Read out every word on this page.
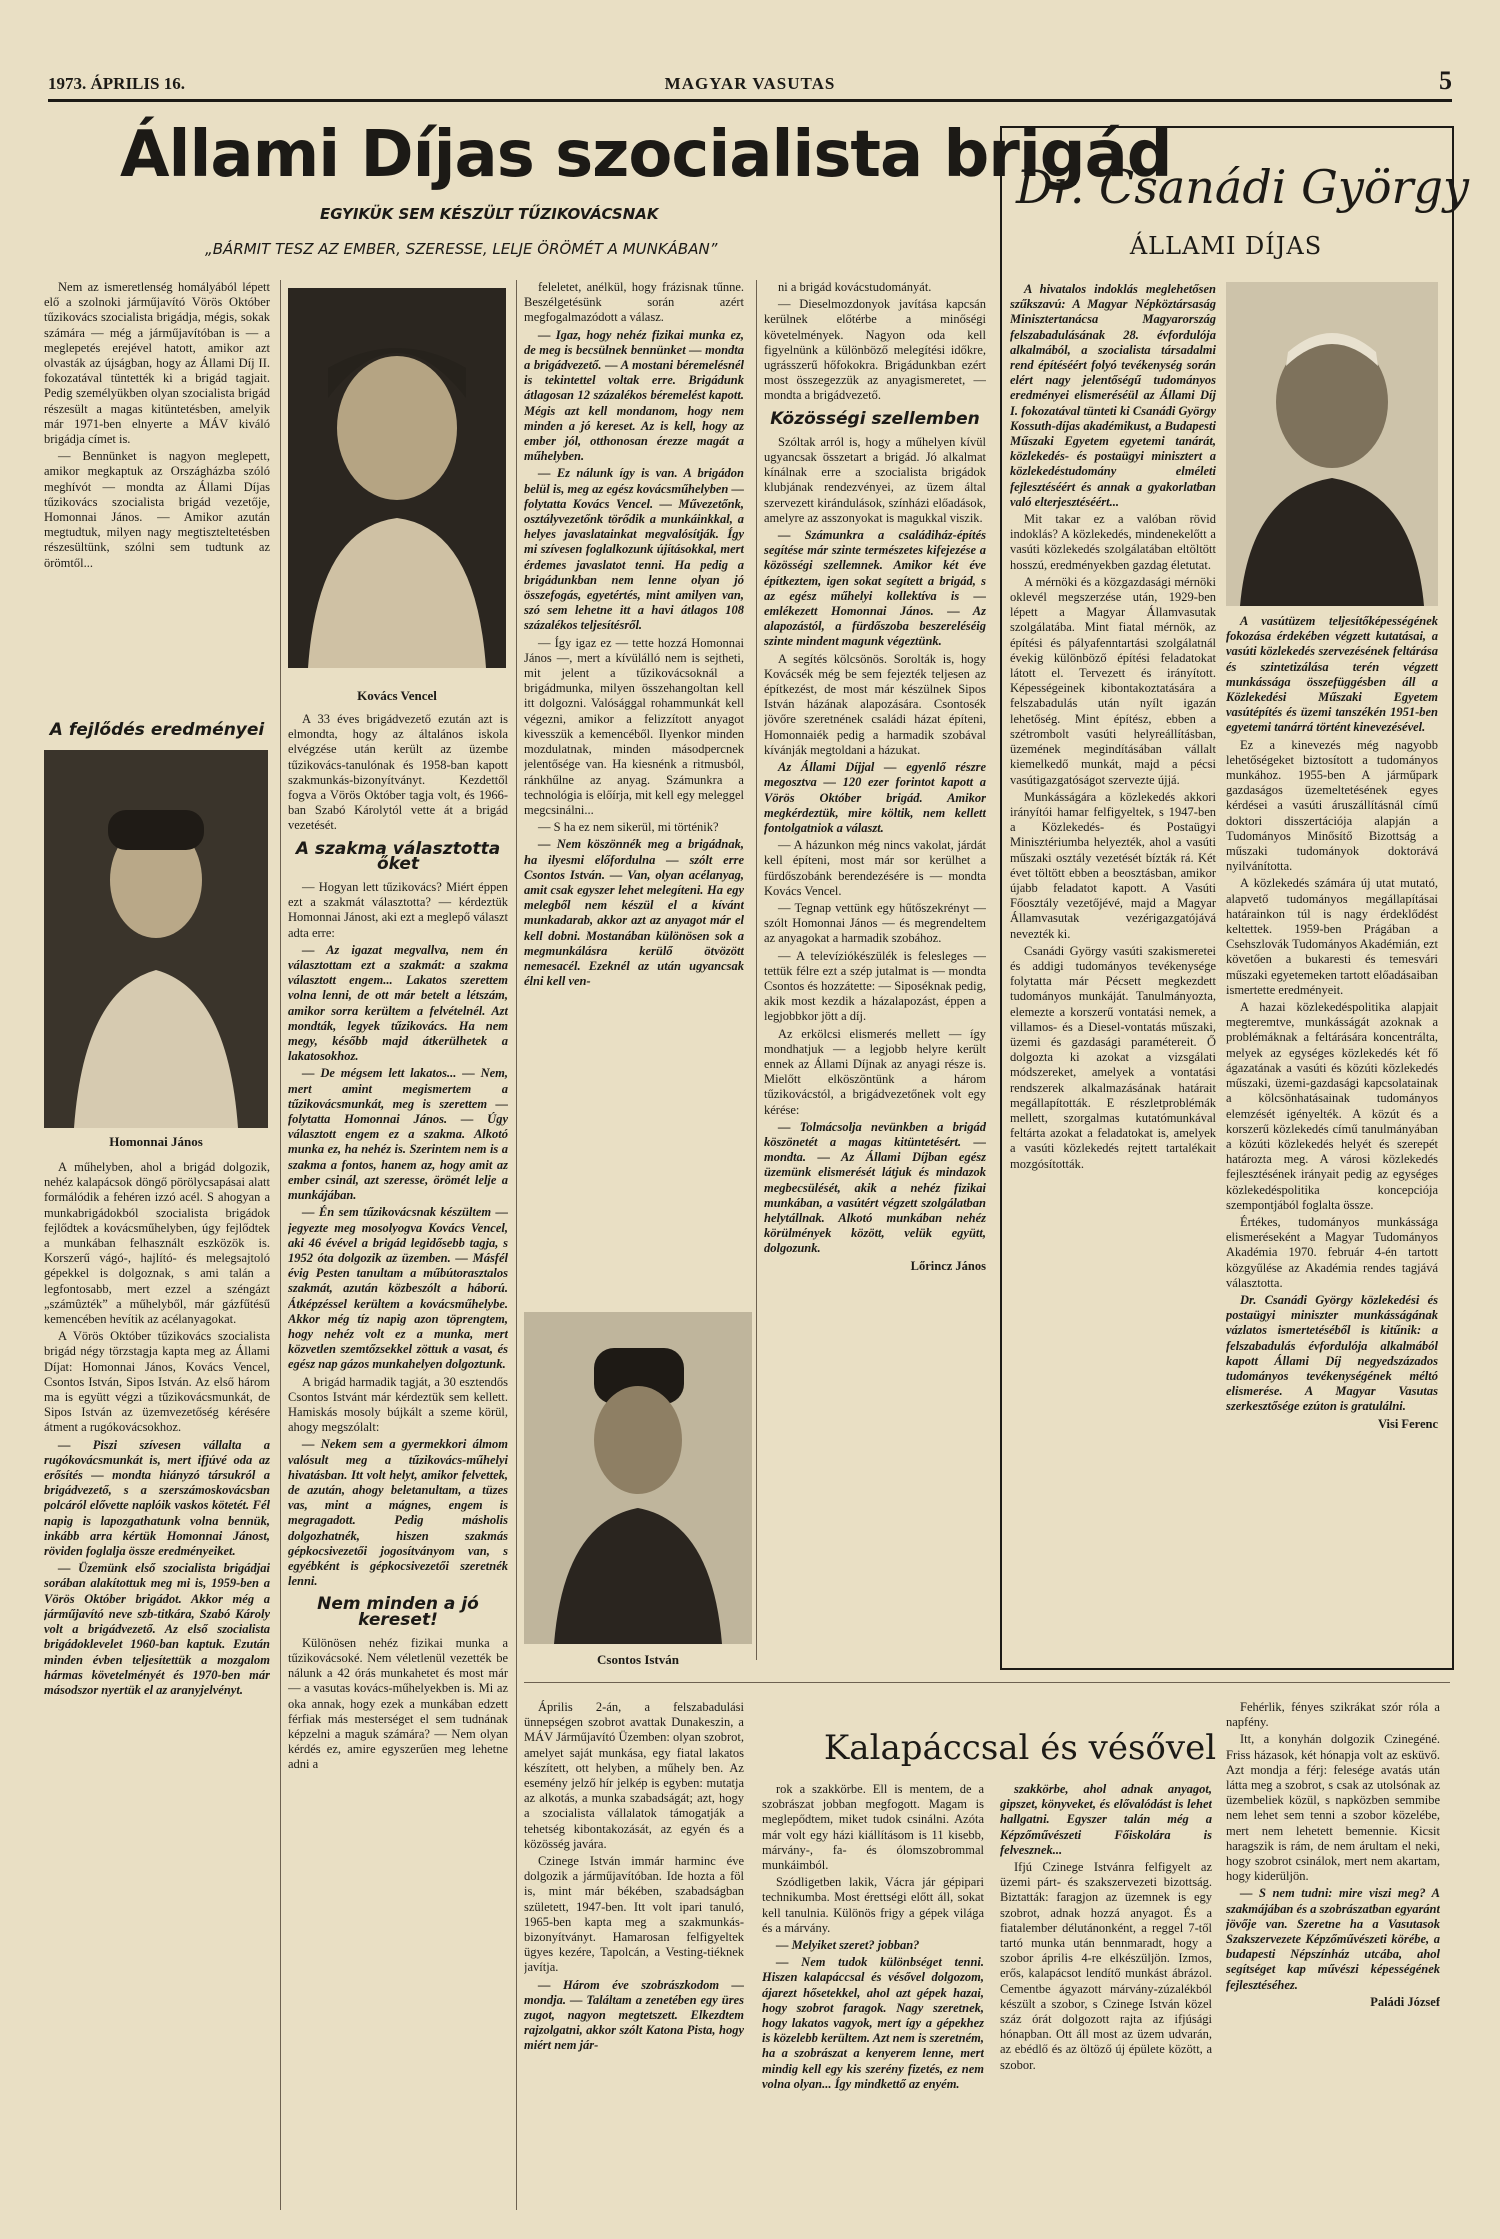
1973. ÁPRILIS 16.	MAGYAR VASUTAS	5
Állami Díjas szocialista brigád
EGYIKÜK SEM KÉSZÜLT TŰZIKOVÁCSNAK
„BÁRMIT TESZ AZ EMBER, SZERESSE, LELJE ÖRÖMÉT A MUNKÁBAN”

Nem az ismeretlenség homályából lépett elő a szolnoki járműjavító Vörös Október tűzikovács szocialista brigádja, mégis, sokak számára — még a járműjavítóban is — a meglepetés erejével hatott, amikor azt olvasták az újságban, hogy az Állami Díj II. fokozatával tüntették ki a brigád tagjait. Pedig személyükben olyan szocialista brigád részesült a magas kitüntetésben, amelyik már 1971-ben elnyerte a MÁV kiváló brigádja címet is.

— Bennünket is nagyon meglepett, amikor megkaptuk az Országházba szóló meghívót — mondta az Állami Díjas tűzikovács szocialista brigád vezetője, Homonnai János. — Amikor azután megtudtuk, milyen nagy megtiszteltetésben részesültünk, szólni sem tudtunk az örömtől...

A fejlődés eredményei
Homonnai János

A műhelyben, ahol a brigád dolgozik, nehéz kalapácsok döngő pörölycsapásai alatt formálódik a fehéren izzó acél. S ahogyan a munkabrigádokból szocialista brigádok fejlődtek a kovácsműhelyben, úgy fejlődtek a munkában felhasznált eszközök is. Korszerű vágó-, hajlító- és melegsajtoló gépekkel is dolgoznak, s ami talán a legfontosabb, mert ezzel a széngázt „számûzték” a műhelyből, már gázfűtésű kemencében hevítik az acélanyagokat.

A Vörös Október tűzikovács szocialista brigád négy törzstagja kapta meg az Állami Díjat: Homonnai János, Kovács Vencel, Csontos István, Sipos István. Az első három ma is együtt végzi a tűzikovácsmunkát, de Sipos István az üzemvezetőség kérésére átment a rugókovácsokhoz.

— Piszi szívesen vállalta a rugókovácsmunkát is, mert ifjúvé oda az erősítés — mondta hiányzó társukról a brigádvezető, s a szerszámoskovácsban polcáról elővette naplóik vaskos kötetét. Fél napig is lapozgathatunk volna bennük, inkább arra kértük Homonnai Jánost, röviden foglalja össze eredményeiket.

— Üzemünk első szocialista brigádjai sorában alakítottuk meg mi is, 1959-ben a Vörös Október brigádot. Akkor még a járműjavító neve szb-titkára, Szabó Károly volt a brigádvezető. Az első szocialista brigádoklevelet 1960-ban kaptuk. Ezután minden évben teljesítettük a mozgalom hármas követelményét és 1970-ben már másodszor nyertük el az aranyjelvényt.

Kovács Vencel

A 33 éves brigádvezető ezután azt is elmondta, hogy az általános iskola elvégzése után került az üzembe tűzikovács-tanulónak és 1958-ban kapott szakmunkás-bizonyítványt. Kezdettől fogva a Vörös Október tagja volt, és 1966-ban Szabó Károlytól vette át a brigád vezetését.

A szakma választotta őket

— Hogyan lett tűzikovács? Miért éppen ezt a szakmát választotta? — kérdeztük Homonnai Jánost, aki ezt a meglepő választ adta erre:

— Az igazat megvallva, nem én választottam ezt a szakmát: a szakma választott engem... Lakatos szerettem volna lenni, de ott már betelt a létszám, amikor sorra kerültem a felvételnél. Azt mondták, legyek tűzikovács. Ha nem megy, később majd átkerülhetek a lakatosokhoz.

— De mégsem lett lakatos... — Nem, mert amint megismertem a tűzikovácsmunkát, meg is szerettem — folytatta Homonnai János. — Úgy választott engem ez a szakma. Alkotó munka ez, ha nehéz is. Szerintem nem is a szakma a fontos, hanem az, hogy amit az ember csinál, azt szeresse, örömét lelje a munkájában.

— Én sem tűzikovácsnak készültem — jegyezte meg mosolyogva Kovács Vencel, aki 46 évével a brigád legidősebb tagja, s 1952 óta dolgozik az üzemben. — Másfél évig Pesten tanultam a műbútorasztalos szakmát, azután közbeszólt a háború. Átképzéssel kerültem a kovácsműhelybe. Akkor még tíz napig azon töprengtem, hogy nehéz volt ez a munka, mert közvetlen szemtőzsekkel zöttuk a vasat, és egész nap gázos munkahelyen dolgoztunk.

A brigád harmadik tagját, a 30 esztendős Csontos Istvánt már kérdeztük sem kellett. Hamiskás mosoly bújkált a szeme körül, ahogy megszólalt:

— Nekem sem a gyermekkori álmom valósult meg a tűzikovács-műhelyi hivatásban. Itt volt helyt, amikor felvettek, de azután, ahogy beletanultam, a tüzes vas, mint a mágnes, engem is megragadott. Pedig másholis dolgozhatnék, hiszen szakmás gépkocsivezetői jogosítványom van, s egyébként is gépkocsivezetői szeretnék lenni.

Nem minden a jó kereset!

Különösen nehéz fizikai munka a tűzikovácsoké. Nem véletlenül vezették be nálunk a 42 órás munkahetet és most már — a vasutas kovács-műhelyekben is. Mi az oka annak, hogy ezek a munkában edzett férfiak más mesterséget el sem tudnának képzelni a maguk számára? — Nem olyan kérdés ez, amire egyszerűen meg lehetne adni a

feleletet, anélkül, hogy frázisnak tűnne. Beszélgetésünk során azért megfogalmazódott a válasz.

— Igaz, hogy nehéz fizikai munka ez, de meg is becsülnek bennünket — mondta a brigádvezető. — A mostani béremelésnél is tekintettel voltak erre. Brigádunk átlagosan 12 százalékos béremelést kapott. Mégis azt kell mondanom, hogy nem minden a jó kereset. Az is kell, hogy az ember jól, otthonosan érezze magát a műhelyben.

— Ez nálunk így is van. A brigádon belül is, meg az egész kovácsműhelyben — folytatta Kovács Vencel. — Művezetőnk, osztályvezetőnk törődik a munkáinkkal, a helyes javaslatainkat megvalósítják. Így mi szívesen foglalkozunk újításokkal, mert érdemes javaslatot tenni. Ha pedig a brigádunkban nem lenne olyan jó összefogás, egyetértés, mint amilyen van, szó sem lehetne itt a havi átlagos 108 százalékos teljesítésről.

— Így igaz ez — tette hozzá Homonnai János —, mert a kívülálló nem is sejtheti, mit jelent a tűzikovácsoknál a brigádmunka, milyen összehangoltan kell itt dolgozni. Valósággal rohammunkát kell végezni, amikor a felizzított anyagot kivesszük a kemencéből. Ilyenkor minden mozdulatnak, minden másodpercnek jelentősége van. Ha kiesnénk a ritmusból, ránkhűlne az anyag. Számunkra a technológia is előírja, mit kell egy meleggel megcsinálni...

— S ha ez nem sikerül, mi történik?

— Nem köszönnék meg a brigádnak, ha ilyesmi előfordulna — szólt erre Csontos István. — Van, olyan acélanyag, amit csak egyszer lehet melegíteni. Ha egy melegből nem készül el a kívánt munkadarab, akkor azt az anyagot már el kell dobni. Mostanában különösen sok a megmunkálásra kerülő ötvözött nemesacél. Ezeknél az után ugyancsak élni kell ven-

Csontos István

ni a brigád kovácstudományát.

— Dieselmozdonyok javítása kapcsán kerülnek előtérbe a minőségi követelmények. Nagyon oda kell figyelnünk a különböző melegítési időkre, ugrásszerű hőfokokra. Brigádunkban ezért most összegezzük az anyagismeretet, — mondta a brigádvezető.

Közösségi szellemben

Szóltak arról is, hogy a műhelyen kívül ugyancsak összetart a brigád. Jó alkalmat kínálnak erre a szocialista brigádok klubjának rendezvényei, az üzem által szervezett kirándulások, színházi előadások, amelyre az asszonyokat is magukkal viszik.

— Számunkra a családiház-építés segítése már szinte természetes kifejezése a közösségi szellemnek. Amikor két éve építkeztem, igen sokat segített a brigád, s az egész műhelyi kollektíva is — emlékezett Homonnai János. — Az alapozástól, a fürdőszoba beszereléséig szinte mindent magunk végeztünk.

A segítés kölcsönös. Sorolták is, hogy Kovácsék még be sem fejezték teljesen az építkezést, de most már készülnek Sipos István házának alapozására. Csontosék jövőre szeretnének családi házat építeni, Homonnaiék pedig a harmadik szobával kívánják megtoldani a házukat.

Az Állami Díjjal — egyenlő részre megosztva — 120 ezer forintot kapott a Vörös Október brigád. Amikor megkérdeztük, mire költik, nem kellett fontolgatniok a választ.

— A házunkon még nincs vakolat, járdát kell építeni, most már sor kerülhet a fürdőszobánk berendezésére is — mondta Kovács Vencel.

— Tegnap vettünk egy hűtőszekrényt — szólt Homonnai János — és megrendeltem az anyagokat a harmadik szobához.

— A televíziókészülék is felesleges — tettük félre ezt a szép jutalmat is — mondta Csontos és hozzátette: — Siposéknak pedig, akik most kezdik a házalapozást, éppen a legjobbkor jött a díj.

Az erkölcsi elismerés mellett — így mondhatjuk — a legjobb helyre került ennek az Állami Díjnak az anyagi része is. Mielőtt elköszöntünk a három tűzikovácstól, a brigádvezetőnek volt egy kérése:

— Tolmácsolja nevünkben a brigád köszönetét a magas kitüntetésért. — mondta. — Az Állami Díjban egész üzemünk elismerését látjuk és mindazok megbecsülését, akik a nehéz fizikai munkában, a vasútért végzett szolgálatban helytállnak. Alkotó munkában nehéz körülmények között, velük együtt, dolgozunk.

Lőrincz János

Dr. Csanádi György
ÁLLAMI DÍJAS

A hivatalos indoklás meglehetősen szűkszavú: A Magyar Népköztársaság Minisztertanácsa Magyarország felszabadulásának 28. évfordulója alkalmából, a szocialista társadalmi rend építéséért folyó tevékenység során elért nagy jelentőségű tudományos eredményei elismeréséül az Állami Díj I. fokozatával tünteti ki Csanádi György Kossuth-díjas akadémikust, a Budapesti Műszaki Egyetem egyetemi tanárát, közlekedés- és postaügyi minisztert a közlekedéstudomány elméleti fejlesztéséért és annak a gyakorlatban való elterjesztéséért...

Mit takar ez a valóban rövid indoklás? A közlekedés, mindenekelőtt a vasúti közlekedés szolgálatában eltöltött hosszú, eredményekben gazdag életutat.

A mérnöki és a közgazdasági mérnöki oklevél megszerzése után, 1929-ben lépett a Magyar Államvasutak szolgálatába. Mint fiatal mérnök, az építési és pályafenntartási szolgálatnál évekig különböző építési feladatokat látott el. Tervezett és irányított. Képességeinek kibontakoztatására a felszabadulás után nyílt igazán lehetőség. Mint építész, ebben a szétrombolt vasúti helyreállításban, üzemének megindításában vállalt kiemelkedő munkát, majd a pécsi vasútigazgatóságot szervezte újjá.

Munkásságára a közlekedés akkori irányítói hamar felfigyeltek, s 1947-ben a Közlekedés- és Postaügyi Minisztériumba helyezték, ahol a vasúti műszaki osztály vezetését bízták rá. Két évet töltött ebben a beosztásban, amikor újabb feladatot kapott. A Vasúti Főosztály vezetőjévé, majd a Magyar Államvasutak vezérigazgatójává nevezték ki.

Csanádi György vasúti szakismeretei és addigi tudományos tevékenysége folytatta már Pécsett megkezdett tudományos munkáját. Tanulmányozta, elemezte a korszerű vontatási nemek, a villamos- és a Diesel-vontatás műszaki, üzemi és gazdasági paramétereit. Ő dolgozta ki azokat a vizsgálati módszereket, amelyek a vontatási rendszerek alkalmazásának határait megállapították. E részletproblémák mellett, szorgalmas kutatómunkával feltárta azokat a feladatokat is, amelyek a vasúti közlekedés rejtett tartalékait mozgósították.

A vasútüzem teljesítőképességének fokozása érdekében végzett kutatásai, a vasúti közlekedés szervezésének feltárása és szintetizálása terén végzett munkássága összefüggésben áll a Közlekedési Műszaki Egyetem vasútépítés és üzemi tanszékén 1951-ben egyetemi tanárrá történt kinevezésével.

Ez a kinevezés még nagyobb lehetőségeket biztosított a tudományos munkához. 1955-ben A járműpark gazdaságos üzemeltetésének egyes kérdései a vasúti áruszállításnál című doktori disszertációja alapján a Tudományos Minősítő Bizottság a műszaki tudományok doktorává nyilvánította.

A közlekedés számára új utat mutató, alapvető tudományos megállapításai határainkon túl is nagy érdeklődést keltettek. 1959-ben Prágában a Csehszlovák Tudományos Akadémián, ezt követően a bukaresti és temesvári műszaki egyetemeken tartott előadásaiban ismertette eredményeit.

A hazai közlekedéspolitika alapjait megteremtve, munkásságát azoknak a problémáknak a feltárására koncentrálta, melyek az egységes közlekedés két fő ágazatának a vasúti és közúti közlekedés műszaki, üzemi-gazdasági kapcsolatainak a kölcsönhatásainak tudományos elemzését igényelték. A közút és a korszerű közlekedés című tanulmányában a közúti közlekedés helyét és szerepét határozta meg. A városi közlekedés fejlesztésének irányait pedig az egységes közlekedéspolitika koncepciója szempontjából foglalta össze.

Értékes, tudományos munkássága elismeréseként a Magyar Tudományos Akadémia 1970. február 4-én tartott közgyűlése az Akadémia rendes tagjává választotta.

Dr. Csanádi György közlekedési és postaügyi miniszter munkásságának vázlatos ismertetéséből is kitűnik: a felszabadulás évfordulója alkalmából kapott Állami Díj negyedszázados tudományos tevékenységének méltó elismerése. A Magyar Vasutas szerkesztősége ezúton is gratulálni.

Visi Ferenc

Kalapáccsal és vésővel

Április 2-án, a felszabadulási ünnepségen szobrot avattak Dunakeszin, a MÁV Járműjavító Üzemben: olyan szobrot, amelyet saját munkása, egy fiatal lakatos készített, ott helyben, a műhely ben. Az esemény jelző hír jelkép is egyben: mutatja az alkotás, a munka szabadságát; azt, hogy a szocialista vállalatok támogatják a tehetség kibontakozását, az egyén és a közösség javára.

Czinege István immár harminc éve dolgozik a járműjavítóban. Ide hozta a föl is, mint már békében, szabadságban született, 1947-ben. Itt volt ipari tanuló, 1965-ben kapta meg a szakmunkás-bizonyítványt. Hamarosan felfigyeltek ügyes kezére, Tapolcán, a Vesting-tiéknek javítja.

— Három éve szobrászkodom — mondja. — Találtam a zenetében egy üres zugot, nagyon megtetszett. Elkezdtem rajzolgatni, akkor szólt Katona Pista, hogy miért nem jár-

rok a szakkörbe. Ell is mentem, de a szobrászat jobban megfogott. Magam is meglepődtem, miket tudok csinálni. Azóta már volt egy házi kiállításom is 11 kisebb, márvány-, fa- és ólomszobrommal munkáimból.

Szódligetben lakik, Vácra jár gépipari technikumba. Most érettségi előtt áll, sokat kell tanulnia. Különös frigy a gépek világa és a márvány.

— Melyiket szeret? jobban?

— Nem tudok különbséget tenni. Hiszen kalapáccsal és vésővel dolgozom, ájarezt hősetekkel, ahol azt gépek hazai, hogy szobrot faragok. Nagy szeretnek, hogy lakatos vagyok, mert így a gépekhez is közelebb kerültem. Azt nem is szeretném, ha a szobrászat a kenyerem lenne, mert mindig kell egy kis szerény fizetés, ez nem volna olyan... Így mindkettő az enyém.

szakkörbe, ahol adnak anyagot, gipszet, könyveket, és elővalódást is lehet hallgatni. Egyszer talán még a Képzőművészeti Főiskolára is felvesznek...

Ifjú Czinege Istvánra felfigyelt az üzemi párt- és szakszervezeti bizottság. Biztatták: faragjon az üzemnek is egy szobrot, adnak hozzá anyagot. És a fiatalember délutánonként, a reggel 7-től tartó munka után bennmaradt, hogy a szobor április 4-re elkészüljön. Izmos, erős, kalapácsot lendítő munkást ábrázol. Cementbe ágyazott márvány-zúzalékból készült a szobor, s Czinege István közel száz órát dolgozott rajta az ifjúsági hónapban. Ott áll most az üzem udvarán, az ebédlő és az öltöző új épülete között, a szobor.

Fehérlik, fényes szikrákat szór róla a napfény.

Itt, a konyhán dolgozik Czinegéné. Friss házasok, két hónapja volt az esküvő. Azt mondja a férj: felesége avatás után látta meg a szobrot, s csak az utolsónak az üzembeliek közül, s napközben semmibe nem lehet sem tenni a szobor közelébe, mert nem lehetett bemennie. Kicsit haragszik is rám, de nem árultam el neki, hogy szobrot csinálok, mert nem akartam, hogy kiderüljön.

— S nem tudni: mire viszi meg? A szakmájában és a szobrászatban egyaránt jövője van. Szeretne ha a Vasutasok Szakszervezete Képzőművészeti körébe, a budapesti Népszínház utcába, ahol segítséget kap művészi képességének fejlesztéséhez.

Paládi József
